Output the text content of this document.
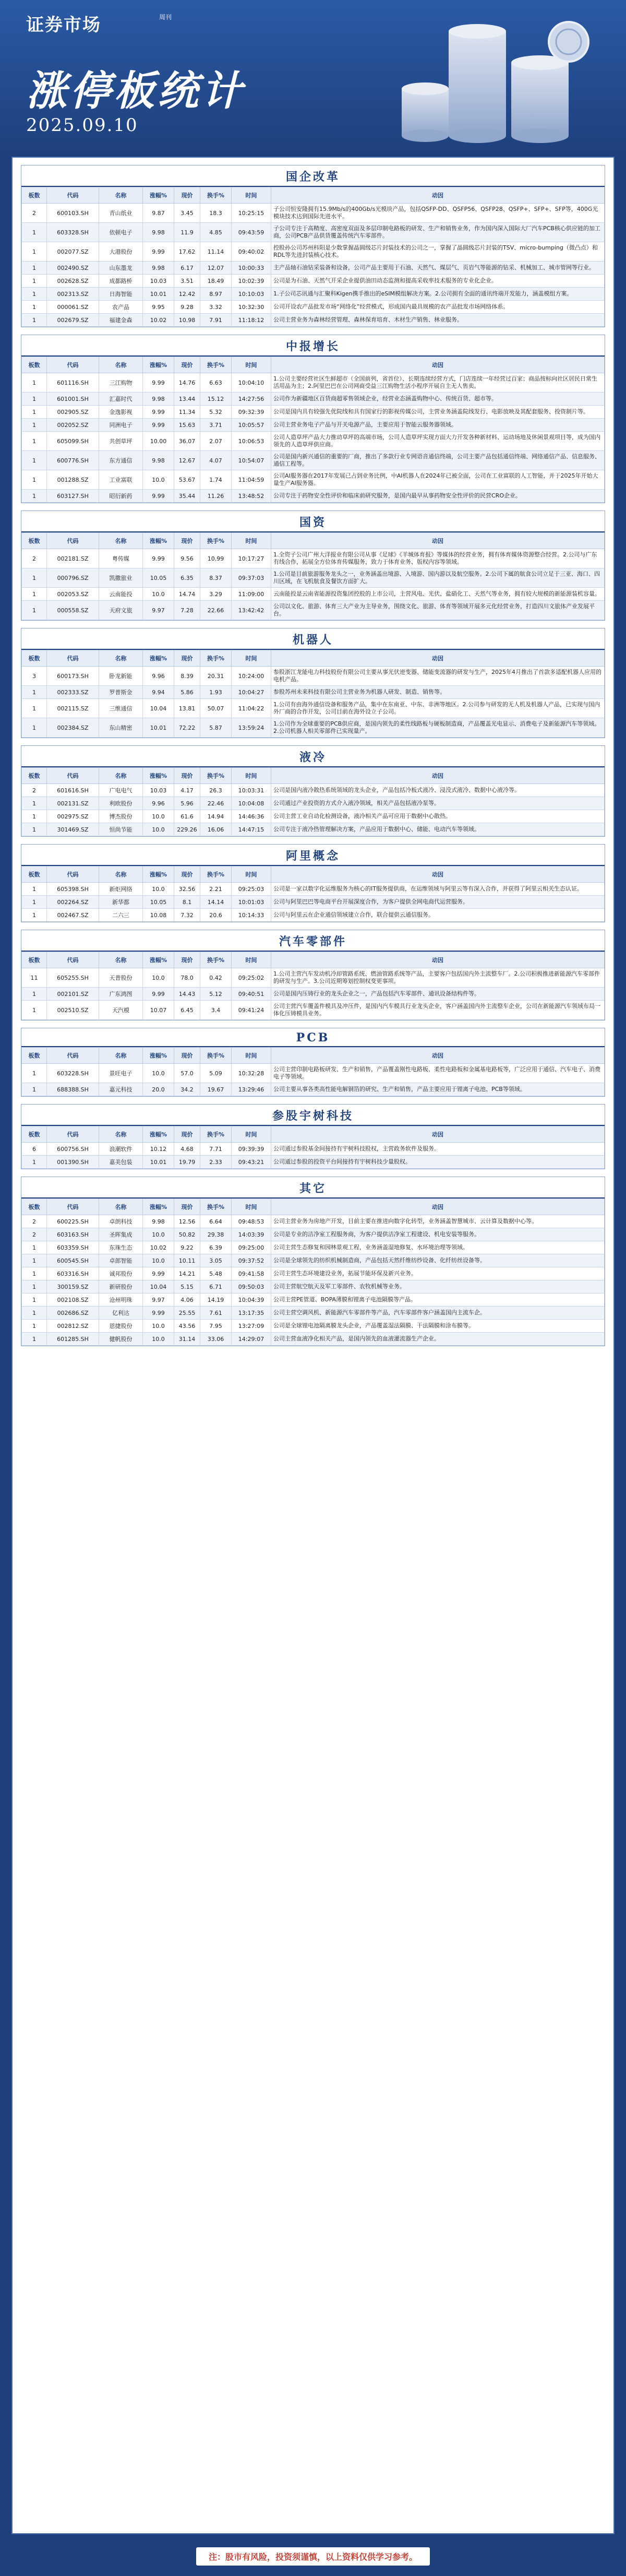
证券市场	周刊
涨停板统计
2025.09.10
国企改革
板数	代码	名称	涨幅%	现价	换手%	时间	动因
2	600103.SH	青山纸业	9.87	3.45	18.3	10:25:15	子公司恒安隆拥有15.9Mb/s的400Gb/s光模块产品，包括QSFP-DD、QSFP56、QSFP28、QSFP+、SFP+、SFP等，400G光模块技术达到国际先进水平。
1	603328.SH	依顿电子	9.98	11.9	4.85	09:43:59	子公司专注于高精度、高密度双面及多层印制电路板的研发、生产和销售业务，作为国内深入国际大厂汽车PCB核心供应链的加工商，公司PCB产品供货覆盖传统汽车零部件。
1	002077.SZ	大港股份	9.99	17.62	11.14	09:40:02	控股孙公司苏州科阳是少数掌握晶圆级芯片封装技术的公司之一，掌握了晶圆级芯片封装的TSV、micro-bumping（微凸点）和RDL等先进封装核心技术。
1	002490.SZ	山东墨龙	9.98	6.17	12.07	10:00:33	主产品轴石油钻采装备和设备，公司产品主要用于石油、天然气、煤层气、页岩气等能源的钻采、机械加工、城市管网等行业。
1	002628.SZ	成都路桥	10.03	3.51	18.49	10:02:39	公司是为石油、天然气开采企业提供油田动态监测和提高采收率技术服务的专业化企业。
1	002313.SZ	日海智能	10.01	12.42	8.97	10:10:03	1.子公司芯讯通与汇聚科Kigen携手推出的eSIM模组解决方案。2.公司拥有全面的通讯终端开发能力，涵盖模组方案。
1	000061.SZ	农产品	9.95	9.28	3.32	10:32:30	公司开设农产品批发市场“网络化”经营模式，形成国内最具规模的农产品批发市场网络体系。
1	002679.SZ	福建金森	10.02	10.98	7.91	11:18:12	公司主营业务为森林经营管理、森林保育培育、木材生产销售、林业服务。
中报增长
板数	代码	名称	涨幅%	现价	换手%	时间	动因
1	601116.SH	三江购物	9.99	14.76	6.63	10:04:10	1.公司主要经营社区生鲜超市（全国前列，省首位）、长期连续经营方式，门店连续一年经营过百家；商品按标向社区居民日常生活用品为主；2.阿里巴巴在公司网商受益三江购物生活小程序开展自主无人售卖。
1	601001.SH	汇嘉时代	9.98	13.44	15.12	14:27:56	公司作为新疆地区百货商超零售领域企业，经营业态涵盖购物中心、传统百货、超市等。
1	002905.SZ	金逸影视	9.99	11.34	5.32	09:32:39	公司是国内具有较强先优院线和具有国家行的影视传媒公司，主营业务涵盖院线发行、电影放映及其配套服务、投资制片等。
1	002052.SZ	同洲电子	9.99	15.63	3.71	10:05:57	公司主营业务电子产品与开关电源产品，主要应用于智能云服务器领域。
1	605099.SH	共创草坪	10.00	36.07	2.07	10:06:53	公司人造草坪产品大力推动草坪的高端市场，公司人造草坪实现方面大力开发各种新材料、运动场地及休闲景观项目等，成为国内领先的人造草坪供应商。
1	600776.SH	东方通信	9.98	12.67	4.07	10:54:07	公司是国内新兴通信的重要的厂商，推出了多款行业专网语音通信终端，公司主要产品包括通信终端、网络通信产品、信息服务、通信工程等。
1	001288.SZ	工业富联	10.0	53.67	1.74	11:04:59	公司AI服务器在2017年发展已占到业务比例，中AI机器人在2024年已被全面，公司在工业富联的人工智能，并于2025年开始大量生产AI服务器。
1	603127.SH	昭衍新药	9.99	35.44	11.26	13:48:52	公司专注于药物安全性评价和临床前研究服务，是国内最早从事药物安全性评价的民营CRO企业。
国资
板数	代码	名称	涨幅%	现价	换手%	时间	动因
2	002181.SZ	粤传媒	9.99	9.56	10.99	10:17:27	1.全资子公司广州大洋报业有限公司从事《足球》《羊城体育报》等媒体的经营业务，拥有体育媒体资源整合经营。2.公司与广东有线合作，拓展全方位体育传媒服务，致力于体育业务、版权内容等领域。
1	000796.SZ	凯撒旅业	10.05	6.35	8.37	09:37:03	1.公司是目前旅游服务龙头之一，业务涵盖出境游、入境游、国内游以及航空服务。2.公司下属的航食公司立足于三亚、海口、四川区域，在飞机航食及餐饮方面扩大。
1	002053.SZ	云南能投	10.0	14.74	3.29	11:09:00	云南能投是云南省能源投资集团控股的上市公司，主营风电、光伏、盐硝化工、天然气等业务，拥有较大规模的新能源装机容量。
1	000558.SZ	天府文旅	9.97	7.28	22.66	13:42:42	公司以文化、旅游、体育三大产业为主导业务，围绕文化、旅游、体育等领域开展多元化经营业务，打造四川文旅体产业发展平台。
机器人
板数	代码	名称	涨幅%	现价	换手%	时间	动因
3	600173.SH	卧龙新能	9.96	8.39	20.31	10:24:00	参股浙江龙能电力科技股份有限公司主要从事光伏逆变器、储能变流器的研发与生产，2025年4月推出了首款多适配机器人应用的电机产品。
1	002333.SZ	罗普斯金	9.94	5.86	1.93	10:04:27	参股苏州未来科技有限公司主营业务为机器人研发、制造、销售等。
1	002115.SZ	三维通信	10.04	13.81	50.07	11:04:22	1.公司有由海外通信设备和服务产品，集中在东南亚、中东、非洲等地区。2.公司参与研发的无人机及机器人产品，已实现与国内外厂商的合作开发，公司目前在海外设立子公司。
1	002384.SZ	东山精密	10.01	72.22	5.87	13:59:24	1.公司作为全球重要的PCB供应商，是国内领先的柔性线路板与硬板制造商，产品覆盖光电显示、消费电子及新能源汽车等领域。2.公司机器人相关零部件已实现量产。
液冷
板数	代码	名称	涨幅%	现价	换手%	时间	动因
2	601616.SH	广电电气	10.03	4.17	26.3	10:03:31	公司是国内液冷散热系统领域的龙头企业，产品包括冷板式液冷、浸没式液冷、数据中心液冷等。
1	002131.SZ	利欧股份	9.96	5.96	22.46	10:04:08	公司通过产业投资的方式介入液冷领域，相关产品包括液冷泵等。
1	002975.SZ	博杰股份	10.0	61.6	14.94	14:46:36	公司主营工业自动化检测设备，液冷相关产品可应用于数据中心散热。
1	301469.SZ	恒尚节能	10.0	229.26	16.06	14:47:15	公司专注于液冷热管理解决方案，产品应用于数据中心、储能、电动汽车等领域。
阿里概念
板数	代码	名称	涨幅%	现价	换手%	时间	动因
1	605398.SH	新炬网络	10.0	32.56	2.21	09:25:03	公司是一家以数字化运维服务为核心的IT服务提供商，在运维领域与阿里云等有深入合作，并获得了阿里云相关生态认证。
1	002264.SZ	新华都	10.05	8.1	14.14	10:01:03	公司与阿里巴巴等电商平台开展深度合作，为客户提供全网电商代运营服务。
1	002467.SZ	二六三	10.08	7.32	20.6	10:14:33	公司与阿里云在企业通信领域建立合作，联合提供云通信服务。
汽车零部件
板数	代码	名称	涨幅%	现价	换手%	时间	动因
11	605255.SH	天普股份	10.0	78.0	0.42	09:25:02	1.公司主营汽车发动机冷却管路系统、燃油管路系统等产品，主要客户包括国内外主流整车厂。2.公司积极推进新能源汽车零部件的研发与生产。3.公司近期筹划控制权变更事项。
1	002101.SZ	广东鸿图	9.99	14.43	5.12	09:40:51	公司是国内压铸行业的龙头企业之一，产品包括汽车零部件、通讯设备结构件等。
1	002510.SZ	天汽模	10.07	6.45	3.4	09:41:24	公司主营汽车覆盖件模具及冲压件，是国内汽车模具行业龙头企业，客户涵盖国内外主流整车企业，公司在新能源汽车领域布局一体化压铸模具业务。
PCB
板数	代码	名称	涨幅%	现价	换手%	时间	动因
1	603228.SH	景旺电子	10.0	57.0	5.09	10:32:28	公司主营印制电路板研发、生产和销售，产品覆盖刚性电路板、柔性电路板和金属基电路板等，广泛应用于通信、汽车电子、消费电子等领域。
1	688388.SH	嘉元科技	20.0	34.2	19.67	13:29:46	公司主要从事各类高性能电解铜箔的研究、生产和销售，产品主要应用于锂离子电池、PCB等领域。
参股宇树科技
板数	代码	名称	涨幅%	现价	换手%	时间	动因
6	600756.SH	浪潮软件	10.12	4.68	7.71	09:39:39	公司通过参股基金间接持有宇树科技股权，主营政务软件及服务。
1	001390.SH	嘉美包装	10.01	19.79	2.33	09:43:21	公司通过参股的投资平台间接持有宇树科技少量股权。
其它
板数	代码	名称	涨幅%	现价	换手%	时间	动因
2	600225.SH	卓朗科技	9.98	12.56	6.64	09:48:53	公司主营业务为房地产开发，目前主要在推进向数字化转型，业务涵盖智慧城市、云计算及数据中心等。
2	603163.SH	圣晖集成	10.0	50.82	29.38	14:03:39	公司是专业的洁净室工程服务商，为客户提供洁净室工程建设、机电安装等服务。
1	603359.SH	东珠生态	10.02	9.22	6.39	09:25:00	公司主营生态修复和园林景观工程，业务涵盖湿地修复、水环境治理等领域。
1	600545.SH	卓郎智能	10.0	10.11	3.05	09:37:52	公司是全球领先的纺织机械制造商，产品包括天然纤维纺纱设备、化纤纺丝设备等。
1	603316.SH	诚邦股份	9.99	14.21	5.48	09:41:58	公司主营生态环境建设业务，拓展节能环保及新兴业务。
1	300159.SZ	新研股份	10.04	5.15	6.71	09:50:03	公司主营航空航天及军工零部件、农牧机械等业务。
1	002108.SZ	沧州明珠	9.97	4.06	14.19	10:04:39	公司主营PE管道、BOPA薄膜和锂离子电池隔膜等产品。
1	002686.SZ	亿利达	9.99	25.55	7.61	13:17:35	公司主营空调风机、新能源汽车零部件等产品，汽车零部件客户涵盖国内主流车企。
1	002812.SZ	恩捷股份	10.0	43.56	7.95	13:27:09	公司是全球锂电池隔离膜龙头企业，产品覆盖湿法隔膜、干法隔膜和涂布膜等。
1	601285.SH	健帆股份	10.0	31.14	33.06	14:29:07	公司主营血液净化相关产品，是国内领先的血液灌流器生产企业。
注：股市有风险，投资须谨慎，以上资料仅供学习参考。
